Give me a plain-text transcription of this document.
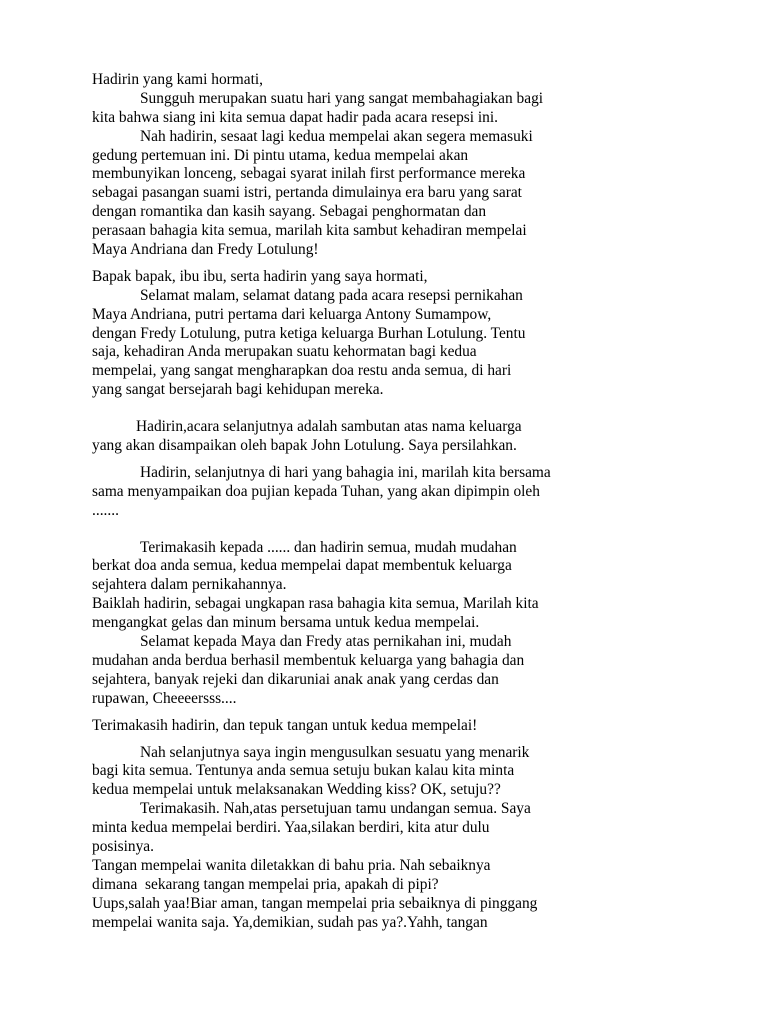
Hadirin yang kami hormati,
Sungguh merupakan suatu hari yang sangat membahagiakan bagi
kita bahwa siang ini kita semua dapat hadir pada acara resepsi ini.
Nah hadirin, sesaat lagi kedua mempelai akan segera memasuki
gedung pertemuan ini. Di pintu utama, kedua mempelai akan
membunyikan lonceng, sebagai syarat inilah first performance mereka
sebagai pasangan suami istri, pertanda dimulainya era baru yang sarat
dengan romantika dan kasih sayang. Sebagai penghormatan dan
perasaan bahagia kita semua, marilah kita sambut kehadiran mempelai
Maya Andriana dan Fredy Lotulung!
Bapak bapak, ibu ibu, serta hadirin yang saya hormati,
Selamat malam, selamat datang pada acara resepsi pernikahan
Maya Andriana, putri pertama dari keluarga Antony Sumampow,
dengan Fredy Lotulung, putra ketiga keluarga Burhan Lotulung. Tentu
saja, kehadiran Anda merupakan suatu kehormatan bagi kedua
mempelai, yang sangat mengharapkan doa restu anda semua, di hari
yang sangat bersejarah bagi kehidupan mereka.
Hadirin,acara selanjutnya adalah sambutan atas nama keluarga
yang akan disampaikan oleh bapak John Lotulung. Saya persilahkan.
Hadirin, selanjutnya di hari yang bahagia ini, marilah kita bersama
sama menyampaikan doa pujian kepada Tuhan, yang akan dipimpin oleh
.......
Terimakasih kepada ...... dan hadirin semua, mudah mudahan
berkat doa anda semua, kedua mempelai dapat membentuk keluarga
sejahtera dalam pernikahannya.
Baiklah hadirin, sebagai ungkapan rasa bahagia kita semua, Marilah kita
mengangkat gelas dan minum bersama untuk kedua mempelai.
Selamat kepada Maya dan Fredy atas pernikahan ini, mudah
mudahan anda berdua berhasil membentuk keluarga yang bahagia dan
sejahtera, banyak rejeki dan dikaruniai anak anak yang cerdas dan
rupawan, Cheeeersss....
Terimakasih hadirin, dan tepuk tangan untuk kedua mempelai!
Nah selanjutnya saya ingin mengusulkan sesuatu yang menarik
bagi kita semua. Tentunya anda semua setuju bukan kalau kita minta
kedua mempelai untuk melaksanakan Wedding kiss? OK, setuju??
Terimakasih. Nah,atas persetujuan tamu undangan semua. Saya
minta kedua mempelai berdiri. Yaa,silakan berdiri, kita atur dulu
posisinya.
Tangan mempelai wanita diletakkan di bahu pria. Nah sebaiknya
dimana  sekarang tangan mempelai pria, apakah di pipi?
Uups,salah yaa!Biar aman, tangan mempelai pria sebaiknya di pinggang
mempelai wanita saja. Ya,demikian, sudah pas ya?.Yahh, tangan
